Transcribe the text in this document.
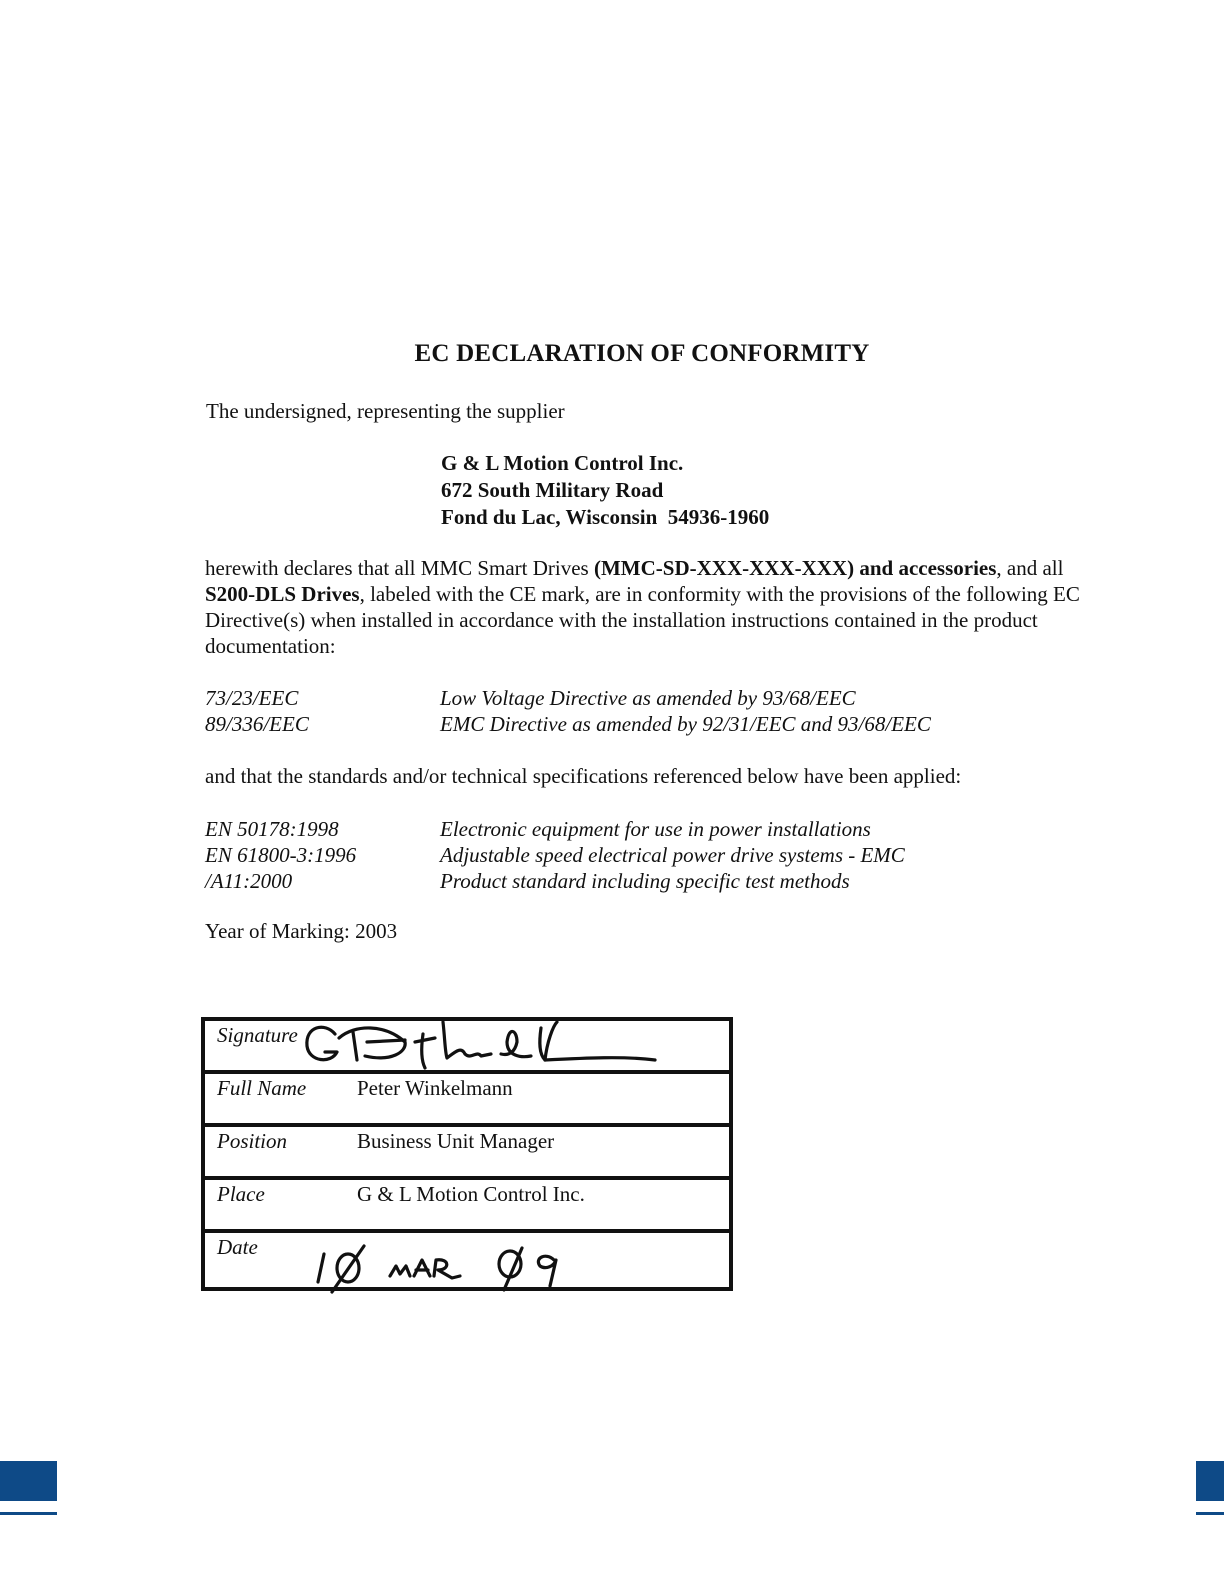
EC DECLARATION OF CONFORMITY
The undersigned, representing the supplier
G & L Motion Control Inc.
672 South Military Road
Fond du Lac, Wisconsin  54936-1960
herewith declares that all MMC Smart Drives (MMC-SD-XXX-XXX-XXX) and accessories, and all S200-DLS Drives, labeled with the CE mark, are in conformity with the provisions of the following EC Directive(s) when installed in accordance with the installation instructions contained in the product documentation:
73/23/EEC	Low Voltage Directive as amended by 93/68/EEC
89/336/EEC	EMC Directive as amended by 92/31/EEC and 93/68/EEC
and that the standards and/or technical specifications referenced below have been applied:
EN 50178:1998	Electronic equipment for use in power installations
EN 61800-3:1996	Adjustable speed electrical power drive systems - EMC
/A11:2000	Product standard including specific test methods
Year of Marking: 2003
Signature
Full Name Peter Winkelmann
Position	Business Unit Manager
Place	G & L Motion Control Inc.
Date
